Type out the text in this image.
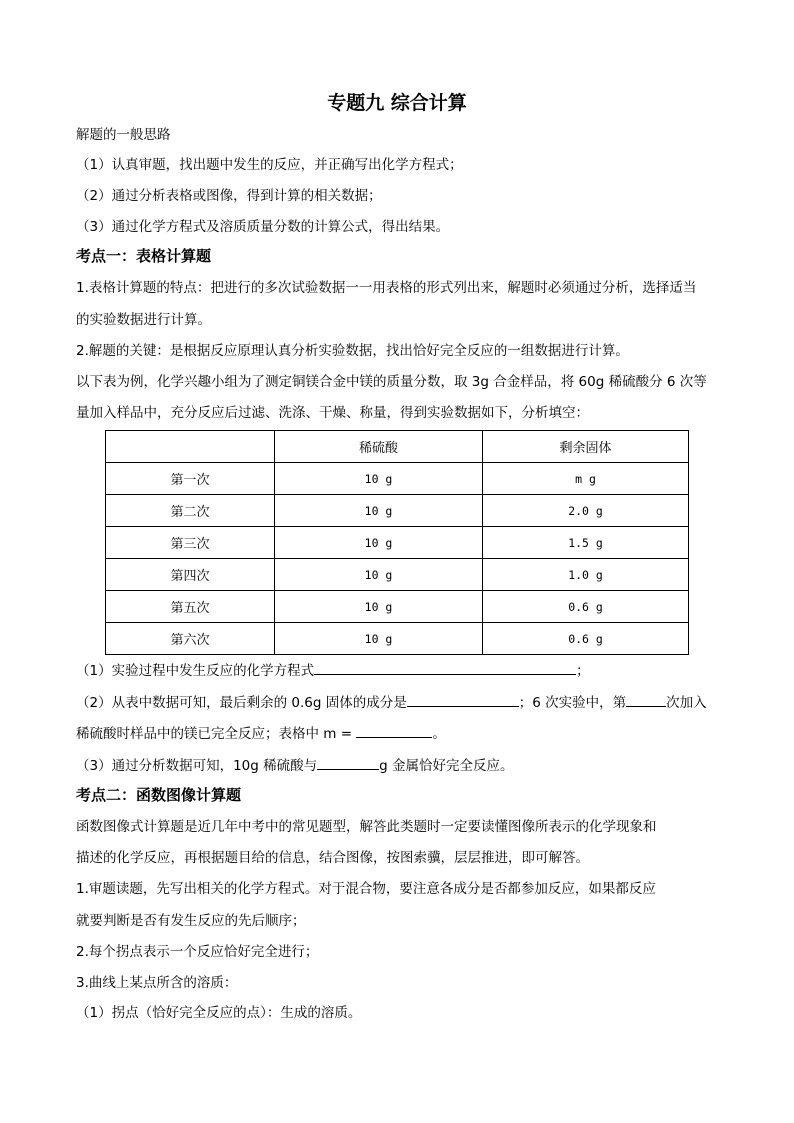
专题九 综合计算
解题的一般思路
（1）认真审题，找出题中发生的反应，并正确写出化学方程式；
（2）通过分析表格或图像，得到计算的相关数据；
（3）通过化学方程式及溶质质量分数的计算公式，得出结果。
考点一：表格计算题
1.表格计算题的特点：把进行的多次试验数据一一用表格的形式列出来，解题时必须通过分析，选择适当
的实验数据进行计算。
2.解题的关键：是根据反应原理认真分析实验数据，找出恰好完全反应的一组数据进行计算。
以下表为例，化学兴趣小组为了测定铜镁合金中镁的质量分数，取 3g 合金样品，将 60g 稀硫酸分 6 次等
量加入样品中，充分反应后过滤、洗涤、干燥、称量，得到实验数据如下，分析填空：
	稀硫酸	剩余固体
第一次	10 g	m g
第二次	10 g	2.0 g
第三次	10 g	1.5 g
第四次	10 g	1.0 g
第五次	10 g	0.6 g
第六次	10 g	0.6 g
（1）实验过程中发生反应的化学方程式	；
（2）从表中数据可知，最后剩余的 0.6g 固体的成分是	；6 次实验中，第	次加入
稀硫酸时样品中的镁已完全反应；表格中 m =	。
（3）通过分析数据可知，10g 稀硫酸与	g 金属恰好完全反应。
考点二：函数图像计算题
函数图像式计算题是近几年中考中的常见题型，解答此类题时一定要读懂图像所表示的化学现象和
描述的化学反应，再根据题目给的信息，结合图像，按图索骥，层层推进，即可解答。
1.审题读题，先写出相关的化学方程式。对于混合物，要注意各成分是否都参加反应，如果都反应
就要判断是否有发生反应的先后顺序；
2.每个拐点表示一个反应恰好完全进行；
3.曲线上某点所含的溶质：
（1）拐点（恰好完全反应的点）：生成的溶质。
